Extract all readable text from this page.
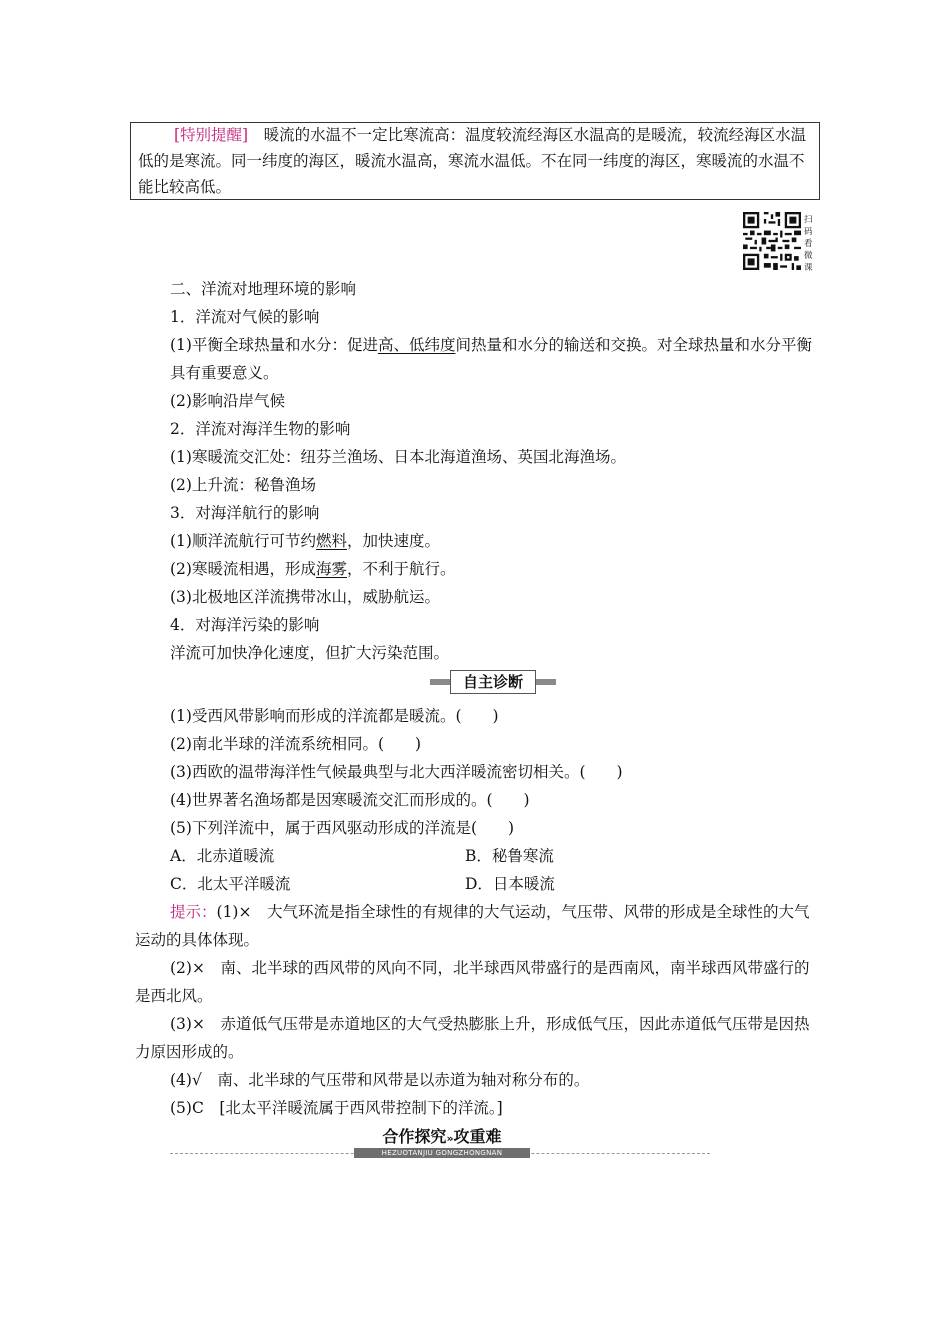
[特别提醒]　暖流的水温不一定比寒流高：温度较流经海区水温高的是暖流，较流经海区水温低的是寒流。同一纬度的海区，暖流水温高，寒流水温低。不在同一纬度的海区，寒暖流的水温不能比较高低。
扫码看微课
二、洋流对地理环境的影响
1．洋流对气候的影响
(1)平衡全球热量和水分：促进高、低纬度间热量和水分的输送和交换。对全球热量和水分平衡具有重要意义。
(2)影响沿岸气候
2．洋流对海洋生物的影响
(1)寒暖流交汇处：纽芬兰渔场、日本北海道渔场、英国北海渔场。
(2)上升流：秘鲁渔场
3．对海洋航行的影响
(1)顺洋流航行可节约燃料，加快速度。
(2)寒暖流相遇，形成海雾，不利于航行。
(3)北极地区洋流携带冰山，威胁航运。
4．对海洋污染的影响
洋流可加快净化速度，但扩大污染范围。
自主诊断
(1)受西风带影响而形成的洋流都是暖流。(　　)
(2)南北半球的洋流系统相同。(　　)
(3)西欧的温带海洋性气候最典型与北大西洋暖流密切相关。(　　)
(4)世界著名渔场都是因寒暖流交汇而形成的。(　　)
(5)下列洋流中，属于西风驱动形成的洋流是(　　)
A．北赤道暖流	B．秘鲁寒流
C．北太平洋暖流	D．日本暖流
提示：(1)×　大气环流是指全球性的有规律的大气运动，气压带、风带的形成是全球性的大气运动的具体体现。
(2)×　南、北半球的西风带的风向不同，北半球西风带盛行的是西南风，南半球西风带盛行的是西北风。
(3)×　赤道低气压带是赤道地区的大气受热膨胀上升，形成低气压，因此赤道低气压带是因热力原因形成的。
(4)√　南、北半球的气压带和风带是以赤道为轴对称分布的。
(5)C　[北太平洋暖流属于西风带控制下的洋流。]
合作探究»攻重难
HEZUOTANJIU GONGZHONGNAN
